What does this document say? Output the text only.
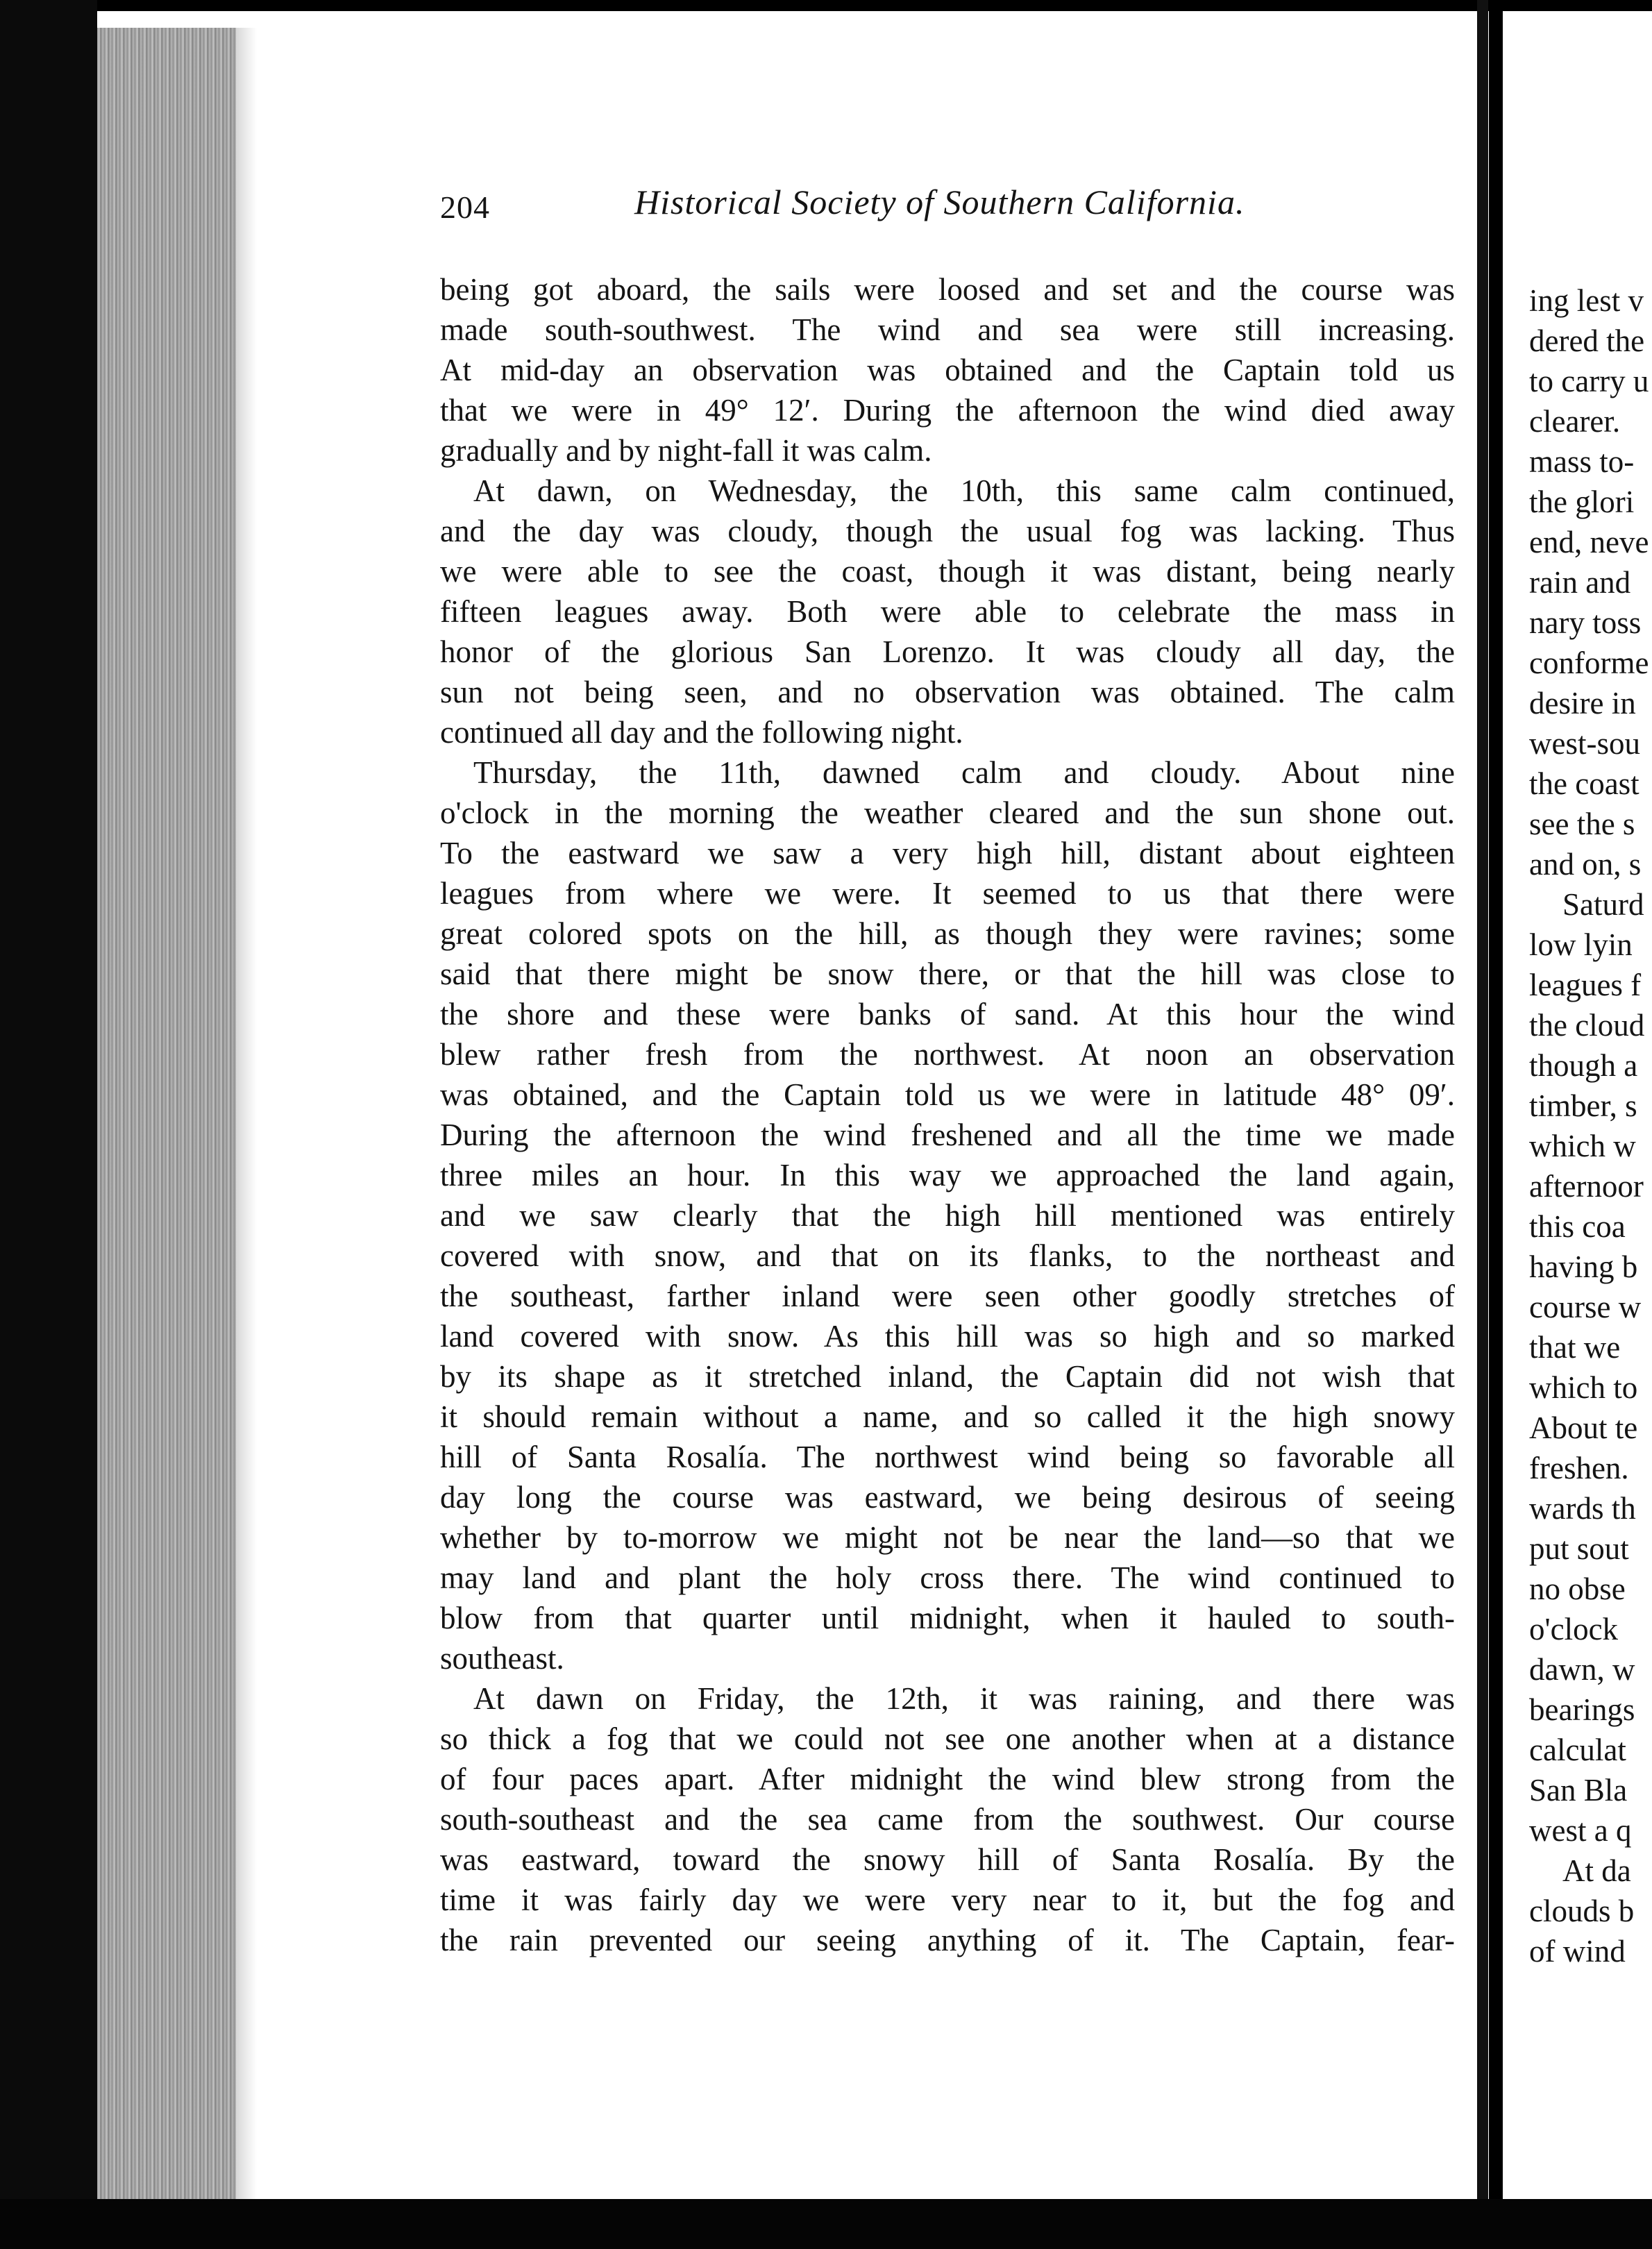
204	Historical Society of Southern California.

being got aboard, the sails were loosed and set and the course was

made south-southwest. The wind and sea were still increasing.

At mid-day an observation was obtained and the Captain told us

that we were in 49° 12′. During the afternoon the wind died away

gradually and by night-fall it was calm.

At dawn, on Wednesday, the 10th, this same calm continued,

and the day was cloudy, though the usual fog was lacking. Thus

we were able to see the coast, though it was distant, being nearly

fifteen leagues away. Both were able to celebrate the mass in

honor of the glorious San Lorenzo. It was cloudy all day, the

sun not being seen, and no observation was obtained. The calm

continued all day and the following night.

Thursday, the 11th, dawned calm and cloudy. About nine

o'clock in the morning the weather cleared and the sun shone out.

To the eastward we saw a very high hill, distant about eighteen

leagues from where we were. It seemed to us that there were

great colored spots on the hill, as though they were ravines; some

said that there might be snow there, or that the hill was close to

the shore and these were banks of sand. At this hour the wind

blew rather fresh from the northwest. At noon an observation

was obtained, and the Captain told us we were in latitude 48° 09′.

During the afternoon the wind freshened and all the time we made

three miles an hour. In this way we approached the land again,

and we saw clearly that the high hill mentioned was entirely

covered with snow, and that on its flanks, to the northeast and

the southeast, farther inland were seen other goodly stretches of

land covered with snow. As this hill was so high and so marked

by its shape as it stretched inland, the Captain did not wish that

it should remain without a name, and so called it the high snowy

hill of Santa Rosalía. The northwest wind being so favorable all

day long the course was eastward, we being desirous of seeing

whether by to-morrow we might not be near the land—so that we

may land and plant the holy cross there. The wind continued to

blow from that quarter until midnight, when it hauled to south-

southeast.

At dawn on Friday, the 12th, it was raining, and there was

so thick a fog that we could not see one another when at a distance

of four paces apart. After midnight the wind blew strong from the

south-southeast and the sea came from the southwest. Our course

was eastward, toward the snowy hill of Santa Rosalía. By the

time it was fairly day we were very near to it, but the fog and

the rain prevented our seeing anything of it. The Captain, fear-

ing lest v
dered the
to carry u
clearer.
mass to-
the glori
end, neve
rain and
nary toss
conforme
desire in
west-sou
the coast
see the s
and on, s
Saturd
low lyin
leagues f
the cloud
though a
timber, s
which w
afternoor
this coa
having b
course w
that we
which to
About te
freshen.
wards th
put sout
no obse
o'clock
dawn, w
bearings
calculat
San Bla
west a q
At da
clouds b
of wind
